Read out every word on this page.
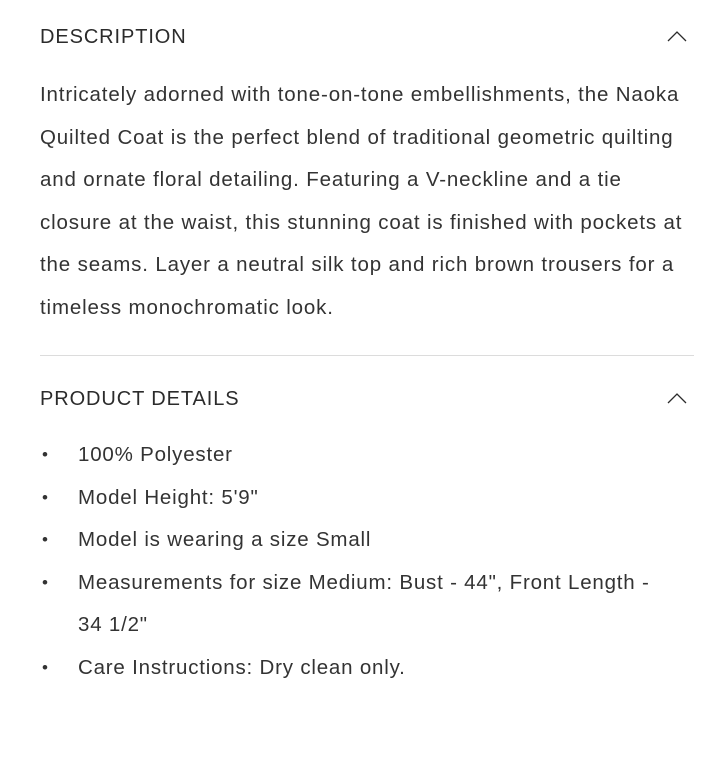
DESCRIPTION

Intricately adorned with tone-on-tone embellishments, the Naoka Quilted Coat is the perfect blend of traditional geometric quilting and ornate floral detailing. Featuring a V-neckline and a tie closure at the waist, this stunning coat is finished with pockets at the seams. Layer a neutral silk top and rich brown trousers for a timeless monochromatic look.

PRODUCT DETAILS
• 100% Polyester
• Model Height: 5'9"
• Model is wearing a size Small
• Measurements for size Medium: Bust - 44", Front Length - 34 1/2"
• Care Instructions: Dry clean only.
